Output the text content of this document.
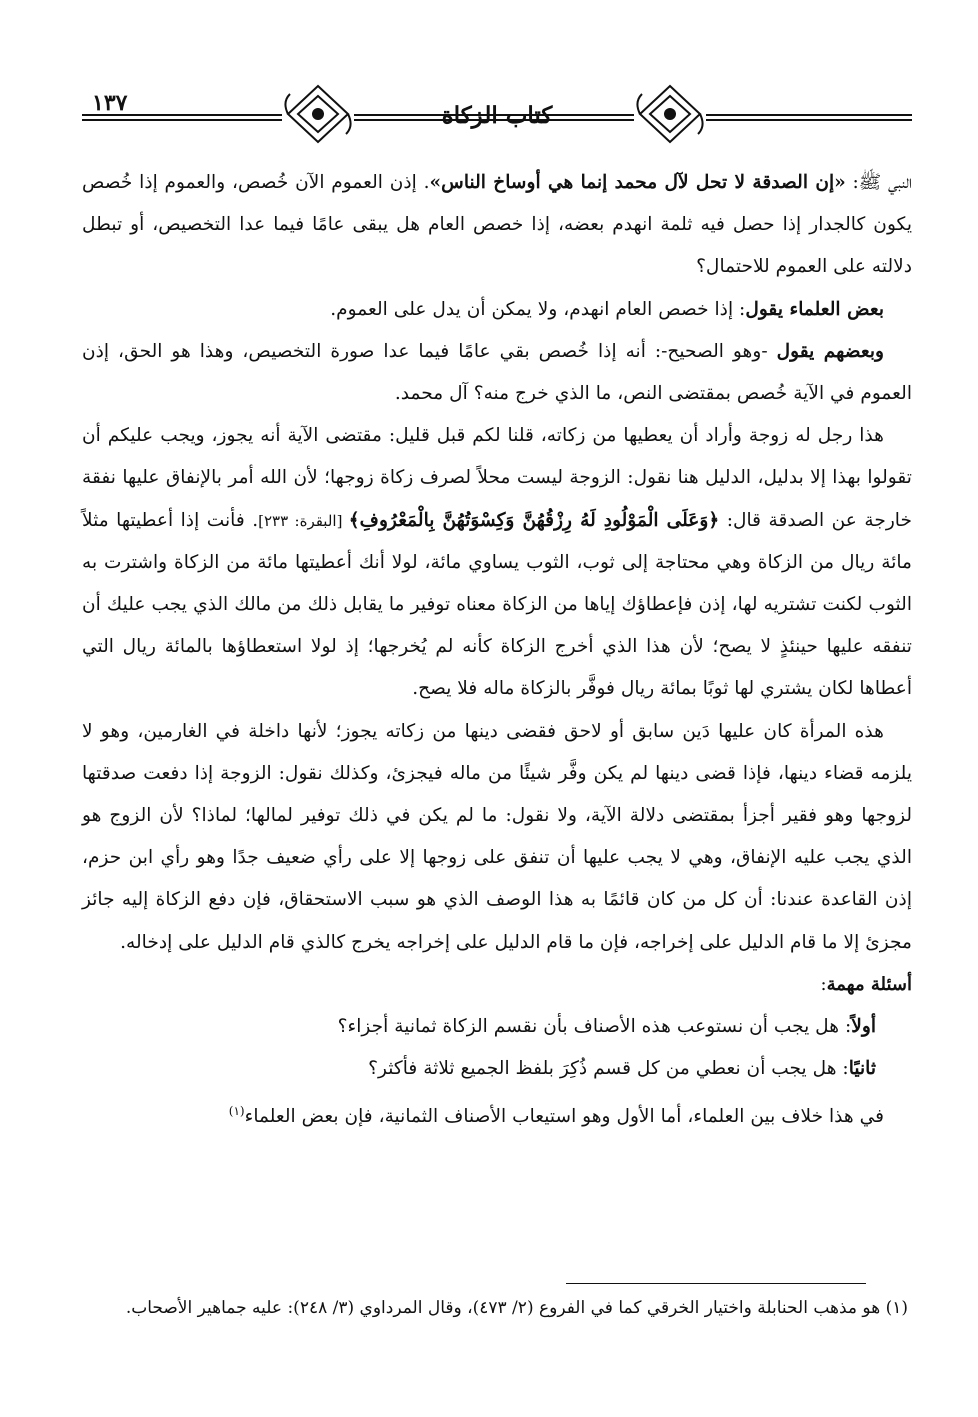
١٣٧	كتاب الزكاة

النبي ﷺ: «إن الصدقة لا تحل لآل محمد إنما هي أوساخ الناس». إذن العموم الآن خُصص، والعموم إذا خُصص يكون كالجدار إذا حصل فيه ثلمة انهدم بعضه، إذا خصص العام هل يبقى عامًا فيما عدا التخصيص، أو تبطل دلالته على العموم للاحتمال؟

بعض العلماء يقول: إذا خصص العام انهدم، ولا يمكن أن يدل على العموم.

وبعضهم يقول -وهو الصحيح-: أنه إذا خُصص بقي عامًا فيما عدا صورة التخصيص، وهذا هو الحق، إذن العموم في الآية خُصص بمقتضى النص، ما الذي خرج منه؟ آل محمد.

هذا رجل له زوجة وأراد أن يعطيها من زكاته، قلنا لكم قبل قليل: مقتضى الآية أنه يجوز، ويجب عليكم أن تقولوا بهذا إلا بدليل، الدليل هنا نقول: الزوجة ليست محلاً لصرف زكاة زوجها؛ لأن الله أمر بالإنفاق عليها نفقة خارجة عن الصدقة قال: ﴿وَعَلَى الْمَوْلُودِ لَهُ رِزْقُهُنَّ وَكِسْوَتُهُنَّ بِالْمَعْرُوفِ﴾ [البقرة: ٢٣٣]. فأنت إذا أعطيتها مثلاً مائة ريال من الزكاة وهي محتاجة إلى ثوب، الثوب يساوي مائة، لولا أنك أعطيتها مائة من الزكاة واشترت به الثوب لكنت تشتريه لها، إذن فإعطاؤك إياها من الزكاة معناه توفير ما يقابل ذلك من مالك الذي يجب عليك أن تنفقه عليها حينئذٍ لا يصح؛ لأن هذا الذي أخرج الزكاة كأنه لم يُخرجها؛ إذ لولا استعطاؤها بالمائة ريال التي أعطاها لكان يشتري لها ثوبًا بمائة ريال فوفَّر بالزكاة ماله فلا يصح.

هذه المرأة كان عليها دَين سابق أو لاحق فقضى دينها من زكاته يجوز؛ لأنها داخلة في الغارمين، وهو لا يلزمه قضاء دينها، فإذا قضى دينها لم يكن وفَّر شيئًا من ماله فيجزئ، وكذلك نقول: الزوجة إذا دفعت صدقتها لزوجها وهو فقير أجزأ بمقتضى دلالة الآية، ولا نقول: ما لم يكن في ذلك توفير لمالها؛ لماذا؟ لأن الزوج هو الذي يجب عليه الإنفاق، وهي لا يجب عليها أن تنفق على زوجها إلا على رأي ضعيف جدًا وهو رأي ابن حزم، إذن القاعدة عندنا: أن كل من كان قائمًا به هذا الوصف الذي هو سبب الاستحقاق، فإن دفع الزكاة إليه جائز مجزئ إلا ما قام الدليل على إخراجه، فإن ما قام الدليل على إخراجه يخرج كالذي قام الدليل على إدخاله.

أسئلة مهمة:

أولاً: هل يجب أن نستوعب هذه الأصناف بأن نقسم الزكاة ثمانية أجزاء؟

ثانيًا: هل يجب أن نعطي من كل قسم ذُكِرَ بلفظ الجميع ثلاثة فأكثر؟

في هذا خلاف بين العلماء، أما الأول وهو استيعاب الأصناف الثمانية، فإن بعض العلماء$^{(١)}$

(١) هو مذهب الحنابلة واختيار الخرقي كما في الفروع (٢/ ٤٧٣)، وقال المرداوي (٣/ ٢٤٨): عليه جماهير الأصحاب.
